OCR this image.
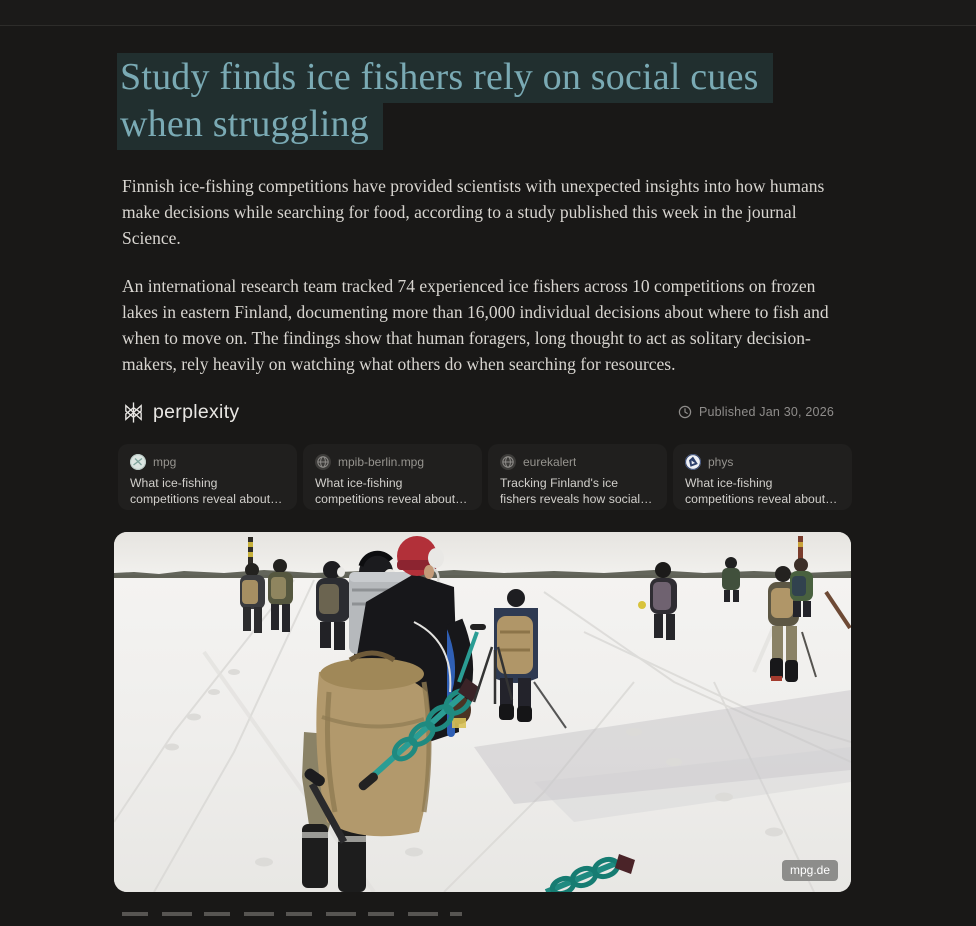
Study finds ice fishers rely on social cues when struggling

Finnish ice-fishing competitions have provided scientists with unexpected insights into how humans make decisions while searching for food, according to a study published this week in the journal Science.

An international research team tracked 74 experienced ice fishers across 10 competitions on frozen lakes in eastern Finland, documenting more than 16,000 individual decisions about where to fish and when to move on. The findings show that human foragers, long thought to act as solitary decision-makers, rely heavily on watching what others do when searching for resources.

perplexity	Published Jan 30, 2026
mpg
What ice-fishing competitions reveal about…
mpib-berlin.mpg
What ice-fishing competitions reveal about…
eurekalert
Tracking Finland's ice fishers reveals how social…
phys
What ice-fishing competitions reveal about…
mpg.de
